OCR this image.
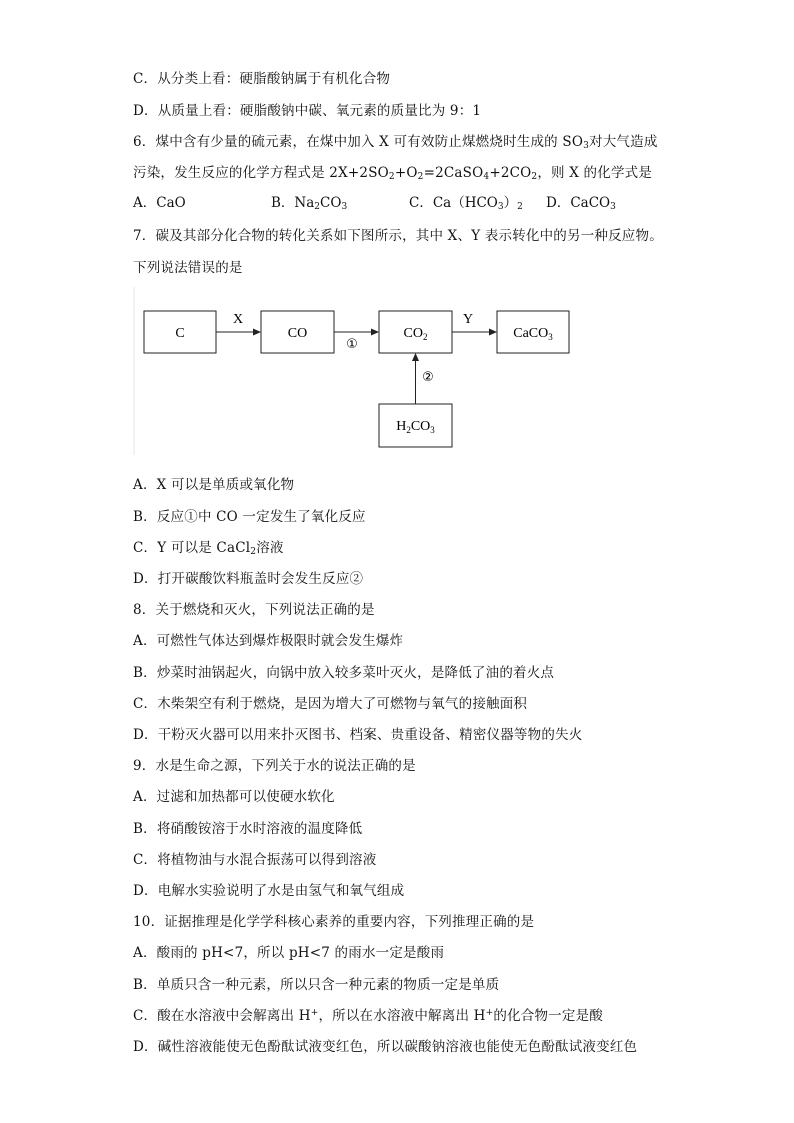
C．从分类上看：硬脂酸钠属于有机化合物
D．从质量上看：硬脂酸钠中碳、氧元素的质量比为 9：1
6．煤中含有少量的硫元素，在煤中加入 X 可有效防止煤燃烧时生成的 $SO_3$对大气造成
污染，发生反应的化学方程式是 $2X+2SO_2+O_2=2CaSO_4+2CO_2$，则 X 的化学式是
A．CaO	B．$Na_2CO_3$	C．$Ca(HCO_3)_2$ D．CaCO$_3$
7．碳及其部分化合物的转化关系如下图所示，其中 X、Y 表示转化中的另一种反应物。
下列说法错误的是
C	CO	$CO_2$	CaCO$_3$
$H_2CO_3$
X	Y
①
②
A．X 可以是单质或氧化物
B．反应①中 CO 一定发生了氧化反应
C．Y 可以是 CaCl$_2$溶液
D．打开碳酸饮料瓶盖时会发生反应②
8．关于燃烧和灭火，下列说法正确的是
A．可燃性气体达到爆炸极限时就会发生爆炸
B．炒菜时油锅起火，向锅中放入较多菜叶灭火，是降低了油的着火点
C．木柴架空有利于燃烧，是因为增大了可燃物与氧气的接触面积
D．干粉灭火器可以用来扑灭图书、档案、贵重设备、精密仪器等物的失火
9．水是生命之源，下列关于水的说法正确的是
A．过滤和加热都可以使硬水软化
B．将硝酸铵溶于水时溶液的温度降低
C．将植物油与水混合振荡可以得到溶液
D．电解水实验说明了水是由氢气和氧气组成
10．证据推理是化学学科核心素养的重要内容，下列推理正确的是
A．酸雨的 pH<7，所以 pH<7 的雨水一定是酸雨
B．单质只含一种元素，所以只含一种元素的物质一定是单质
C．酸在水溶液中会解离出 H+，所以在水溶液中解离出 H+的化合物一定是酸
D．碱性溶液能使无色酚酞试液变红色，所以碳酸钠溶液也能使无色酚酞试液变红色
